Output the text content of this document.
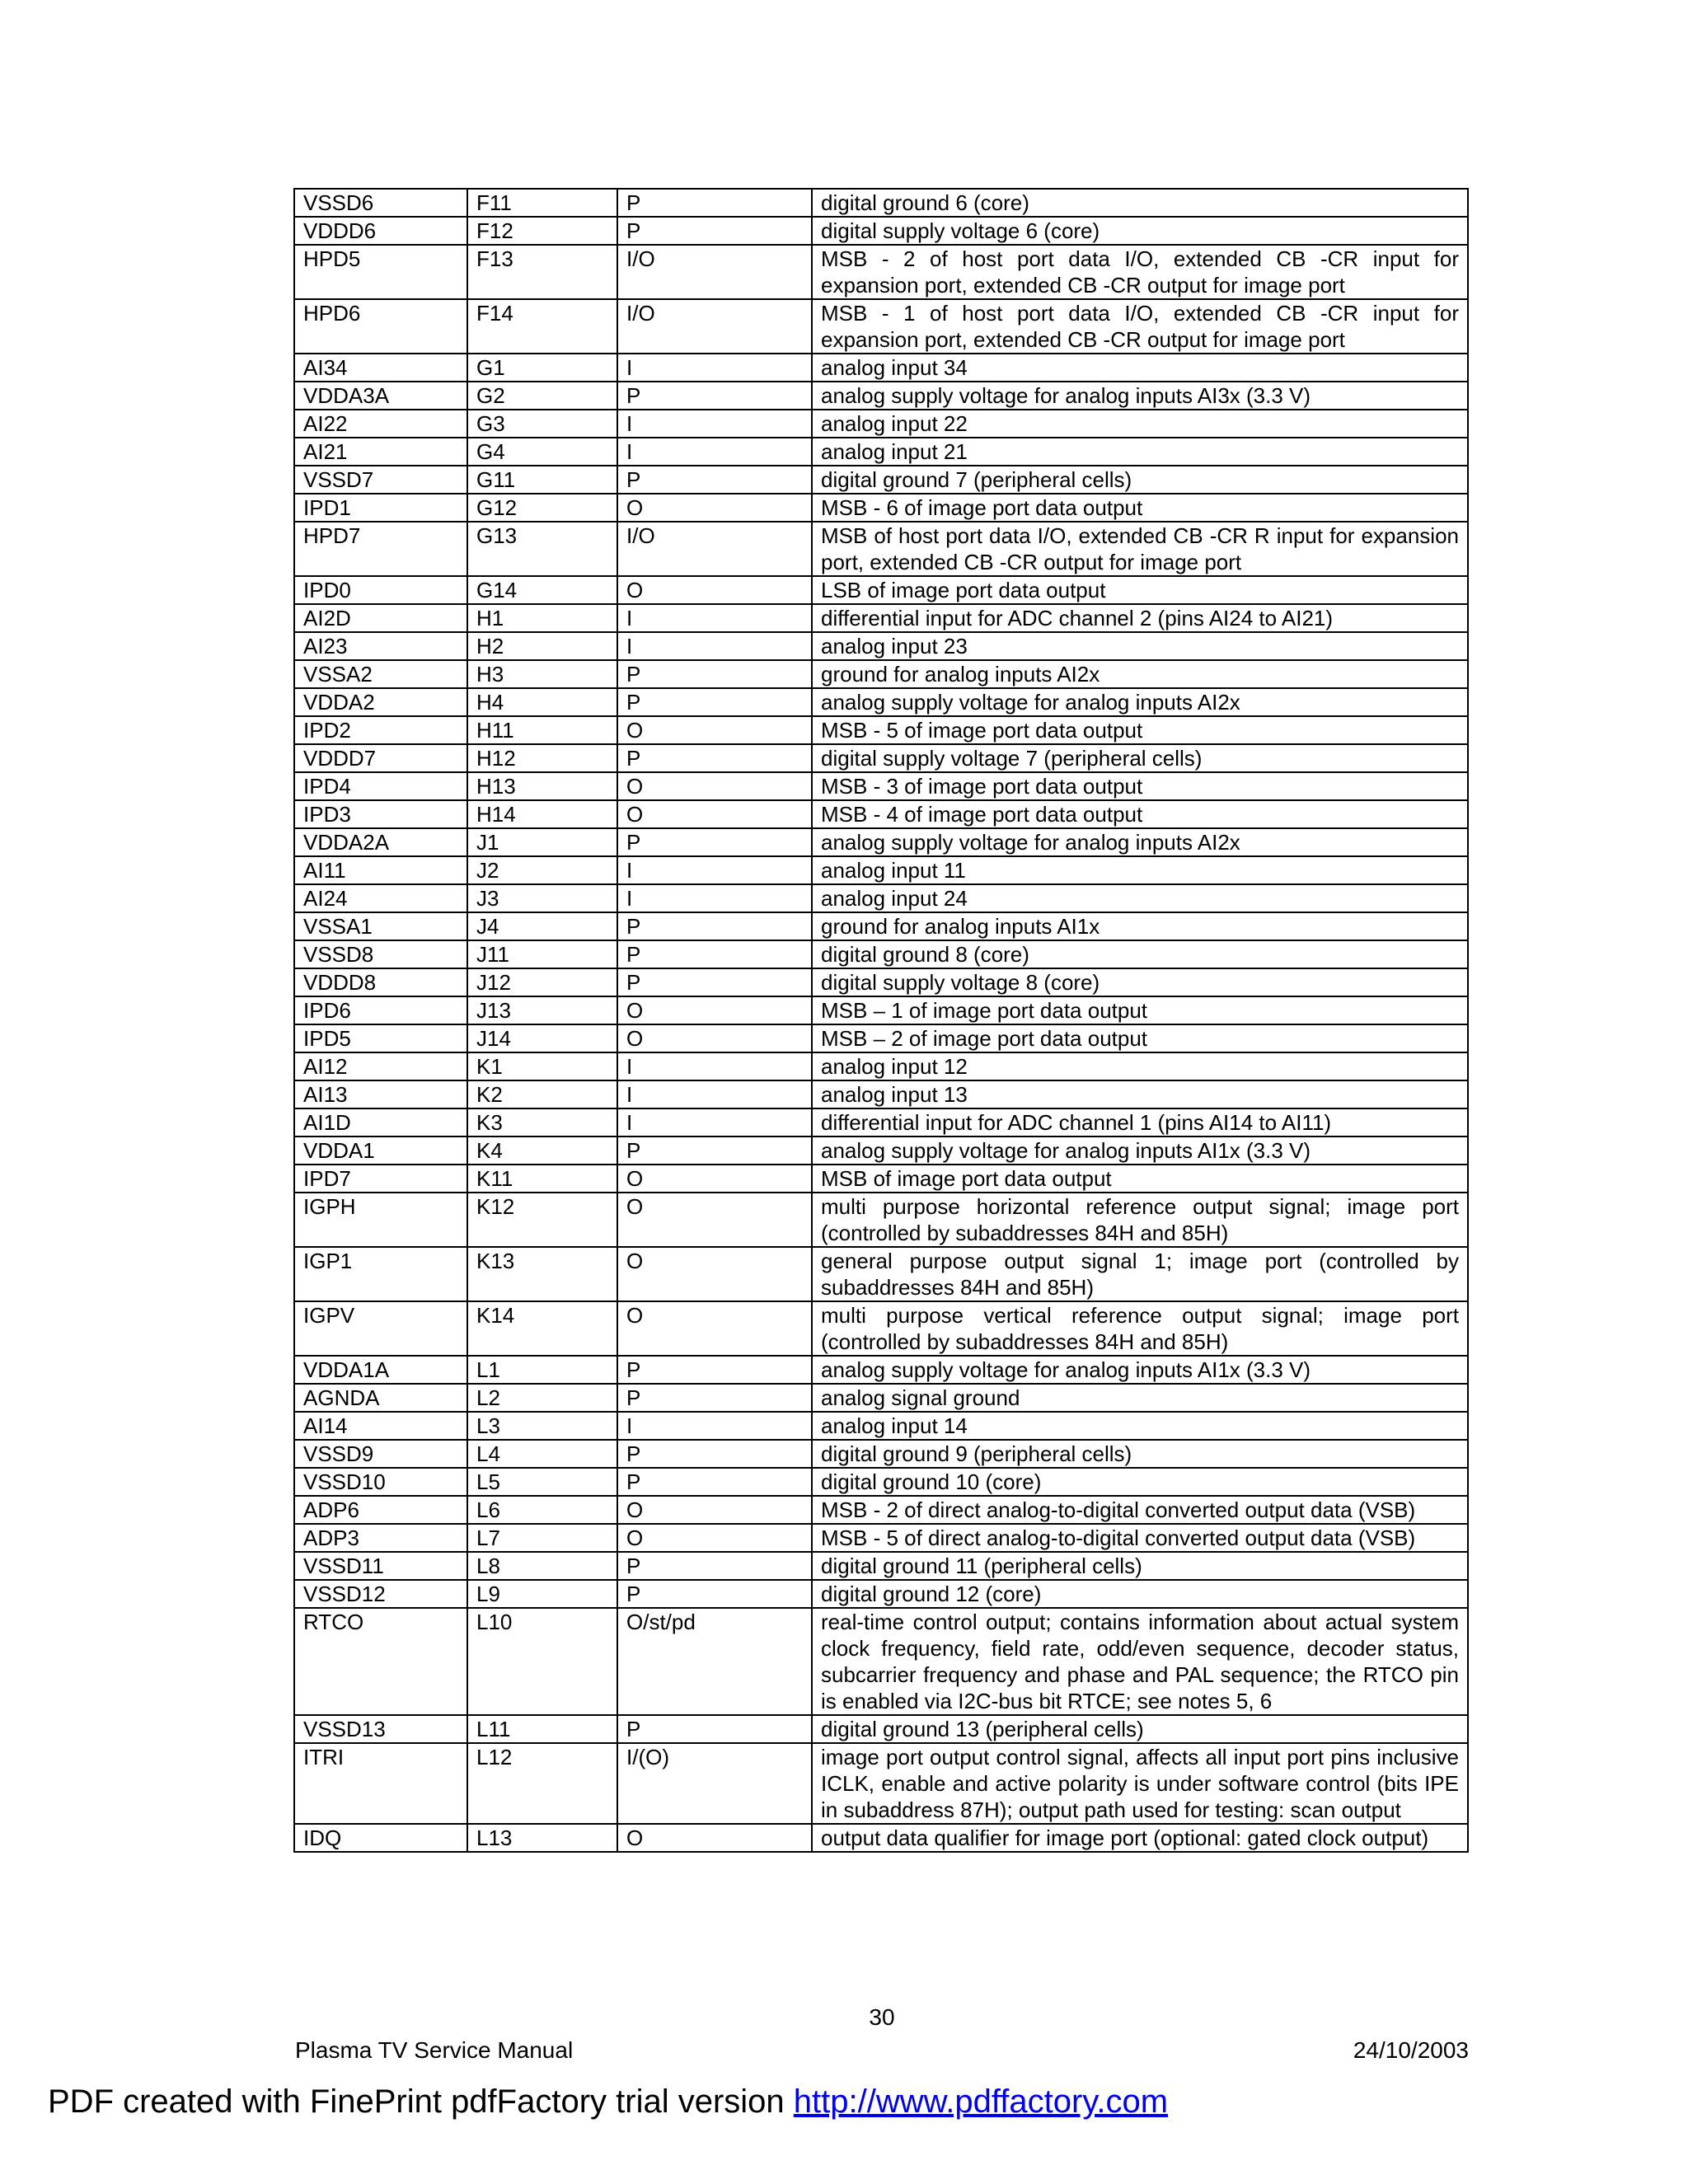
VSSD6	F11	P	digital ground 6 (core)
VDDD6	F12	P	digital supply voltage 6 (core)
HPD5	F13	I/O	MSB - 2 of host port data I/O, extended CB -CR input for expansion port, extended CB -CR output for image port
HPD6	F14	I/O	MSB - 1 of host port data I/O, extended CB -CR input for expansion port, extended CB -CR output for image port
AI34	G1	I	analog input 34
VDDA3A	G2	P	analog supply voltage for analog inputs AI3x (3.3 V)
AI22	G3	I	analog input 22
AI21	G4	I	analog input 21
VSSD7	G11	P	digital ground 7 (peripheral cells)
IPD1	G12	O	MSB - 6 of image port data output
HPD7	G13	I/O	MSB of host port data I/O, extended CB -CR R input for expansion port, extended CB -CR output for image port
IPD0	G14	O	LSB of image port data output
AI2D	H1	I	differential input for ADC channel 2 (pins AI24 to AI21)
AI23	H2	I	analog input 23
VSSA2	H3	P	ground for analog inputs AI2x
VDDA2	H4	P	analog supply voltage for analog inputs AI2x
IPD2	H11	O	MSB - 5 of image port data output
VDDD7	H12	P	digital supply voltage 7 (peripheral cells)
IPD4	H13	O	MSB - 3 of image port data output
IPD3	H14	O	MSB - 4 of image port data output
VDDA2A	J1	P	analog supply voltage for analog inputs AI2x
AI11	J2	I	analog input 11
AI24	J3	I	analog input 24
VSSA1	J4	P	ground for analog inputs AI1x
VSSD8	J11	P	digital ground 8 (core)
VDDD8	J12	P	digital supply voltage 8 (core)
IPD6	J13	O	MSB – 1 of image port data output
IPD5	J14	O	MSB – 2 of image port data output
AI12	K1	I	analog input 12
AI13	K2	I	analog input 13
AI1D	K3	I	differential input for ADC channel 1 (pins AI14 to AI11)
VDDA1	K4	P	analog supply voltage for analog inputs AI1x (3.3 V)
IPD7	K11	O	MSB of image port data output
IGPH	K12	O	multi purpose horizontal reference output signal; image port (controlled by subaddresses 84H and 85H)
IGP1	K13	O	general purpose output signal 1; image port (controlled by subaddresses 84H and 85H)
IGPV	K14	O	multi purpose vertical reference output signal; image port (controlled by subaddresses 84H and 85H)
VDDA1A	L1	P	analog supply voltage for analog inputs AI1x (3.3 V)
AGNDA	L2	P	analog signal ground
AI14	L3	I	analog input 14
VSSD9	L4	P	digital ground 9 (peripheral cells)
VSSD10	L5	P	digital ground 10 (core)
ADP6	L6	O	MSB - 2 of direct analog-to-digital converted output data (VSB)
ADP3	L7	O	MSB - 5 of direct analog-to-digital converted output data (VSB)
VSSD11	L8	P	digital ground 11 (peripheral cells)
VSSD12	L9	P	digital ground 12 (core)
RTCO	L10	O/st/pd	real-time control output; contains information about actual system clock frequency, field rate, odd/even sequence, decoder status, subcarrier frequency and phase and PAL sequence; the RTCO pin is enabled via I2C-bus bit RTCE; see notes 5, 6
VSSD13	L11	P	digital ground 13 (peripheral cells)
ITRI	L12	I/(O)	image port output control signal, affects all input port pins inclusive ICLK, enable and active polarity is under software control (bits IPE in subaddress 87H); output path used for testing: scan output
IDQ	L13	O	output data qualifier for image port (optional: gated clock output)
30
Plasma TV Service Manual	24/10/2003
PDF created with FinePrint pdfFactory trial version http://www.pdffactory.com
